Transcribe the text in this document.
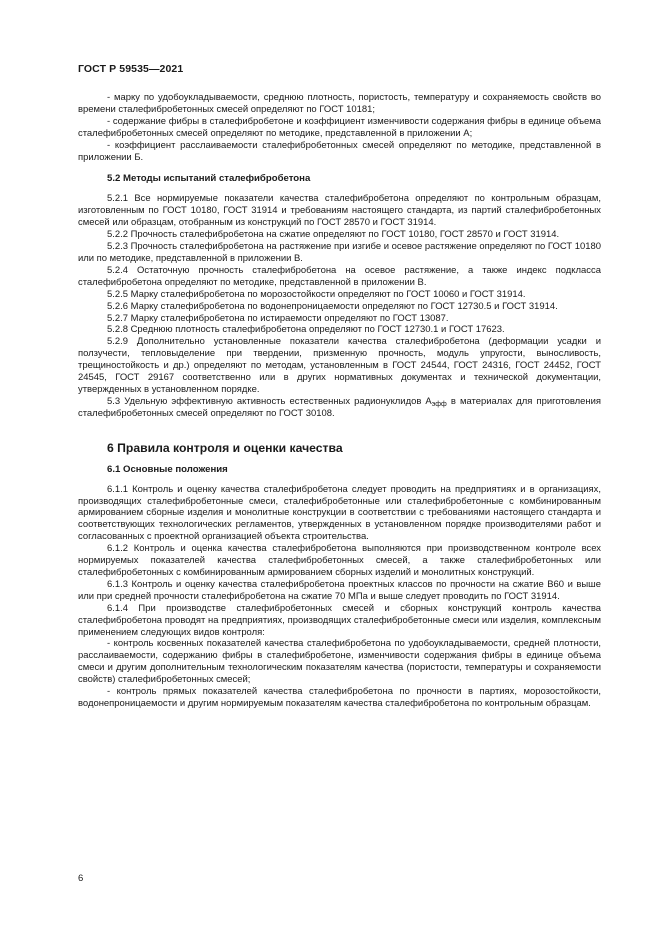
ГОСТ Р 59535—2021

- марку по удобоукладываемости, среднюю плотность, пористость, температуру и сохраняемость свойств во времени сталефибробетонных смесей определяют по ГОСТ 10181;

- содержание фибры в сталефибробетоне и коэффициент изменчивости содержания фибры в единице объема сталефибробетонных смесей определяют по методике, представленной в приложении А;

- коэффициент расслаиваемости сталефибробетонных смесей определяют по методике, представленной в приложении Б.

5.2 Методы испытаний сталефибробетона

5.2.1 Все нормируемые показатели качества сталефибробетона определяют по контрольным образцам, изготовленным по ГОСТ 10180, ГОСТ 31914 и требованиям настоящего стандарта, из партий сталефибробетонных смесей или образцам, отобранным из конструкций по ГОСТ 28570 и ГОСТ 31914.

5.2.2 Прочность сталефибробетона на сжатие определяют по ГОСТ 10180, ГОСТ 28570 и ГОСТ 31914.

5.2.3 Прочность сталефибробетона на растяжение при изгибе и осевое растяжение определяют по ГОСТ 10180 или по методике, представленной в приложении В.

5.2.4 Остаточную прочность сталефибробетона на осевое растяжение, а также индекс подкласса сталефибробетона определяют по методике, представленной в приложении В.

5.2.5 Марку сталефибробетона по морозостойкости определяют по ГОСТ 10060 и ГОСТ 31914.

5.2.6 Марку сталефибробетона по водонепроницаемости определяют по ГОСТ 12730.5 и ГОСТ 31914.

5.2.7 Марку сталефибробетона по истираемости определяют по ГОСТ 13087.

5.2.8 Среднюю плотность сталефибробетона определяют по ГОСТ 12730.1 и ГОСТ 17623.

5.2.9 Дополнительно установленные показатели качества сталефибробетона (деформации усадки и ползучести, тепловыделение при твердении, призменную прочность, модуль упругости, выносливость, трещиностойкость и др.) определяют по методам, установленным в ГОСТ 24544, ГОСТ 24316, ГОСТ 24452, ГОСТ 24545, ГОСТ 29167 соответственно или в других нормативных документах и технической документации, утвержденных в установленном порядке.

5.3 Удельную эффективную активность естественных радионуклидов $А_{эфф}$ в материалах для приготовления сталефибробетонных смесей определяют по ГОСТ 30108.

6 Правила контроля и оценки качества
6.1 Основные положения

6.1.1 Контроль и оценку качества сталефибробетона следует проводить на предприятиях и в организациях, производящих сталефибробетонные смеси, сталефибробетонные или сталефибробетонные с комбинированным армированием сборные изделия и монолитные конструкции в соответствии с требованиями настоящего стандарта и соответствующих технологических регламентов, утвержденных в установленном порядке производителями работ и согласованных с проектной организацией объекта строительства.

6.1.2 Контроль и оценка качества сталефибробетона выполняются при производственном контроле всех нормируемых показателей качества сталефибробетонных смесей, а также сталефибробетонных или сталефибробетонных с комбинированным армированием сборных изделий и монолитных конструкций.

6.1.3 Контроль и оценку качества сталефибробетона проектных классов по прочности на сжатие В60 и выше или при средней прочности сталефибробетона на сжатие 70 МПа и выше следует проводить по ГОСТ 31914.

6.1.4 При производстве сталефибробетонных смесей и сборных конструкций контроль качества сталефибробетона проводят на предприятиях, производящих сталефибробетонные смеси или изделия, комплексным применением следующих видов контроля:

- контроль косвенных показателей качества сталефибробетона по удобоукладываемости, средней плотности, расслаиваемости, содержанию фибры в сталефибробетоне, изменчивости содержания фибры в единице объема смеси и другим дополнительным технологическим показателям качества (пористости, температуры и сохраняемости свойств) сталефибробетонных смесей;

- контроль прямых показателей качества сталефибробетона по прочности в партиях, морозостойкости, водонепроницаемости и другим нормируемым показателям качества сталефибробетона по контрольным образцам.

6
